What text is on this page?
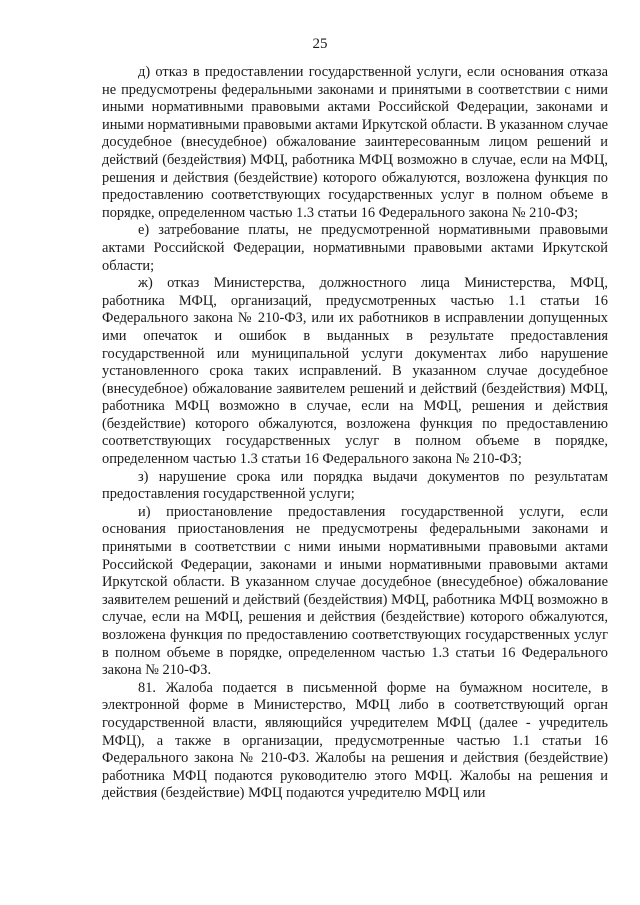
25

д) отказ в предоставлении государственной услуги, если основания отказа не предусмотрены федеральными законами и принятыми в соответствии с ними иными нормативными правовыми актами Российской Федерации, законами и иными нормативными правовыми актами Иркутской области. В указанном случае досудебное (внесудебное) обжалование заинтересованным лицом решений и действий (бездействия) МФЦ, работника МФЦ возможно в случае, если на МФЦ, решения и действия (бездействие) которого обжалуются, возложена функция по предоставлению соответствующих государственных услуг в полном объеме в порядке, определенном частью 1.3 статьи 16 Федерального закона № 210-ФЗ;

е) затребование платы, не предусмотренной нормативными правовыми актами Российской Федерации, нормативными правовыми актами Иркутской области;

ж) отказ Министерства, должностного лица Министерства, МФЦ, работника МФЦ, организаций, предусмотренных частью 1.1 статьи 16 Федерального закона № 210-ФЗ, или их работников в исправлении допущенных ими опечаток и ошибок в выданных в результате предоставления государственной или муниципальной услуги документах либо нарушение установленного срока таких исправлений. В указанном случае досудебное (внесудебное) обжалование заявителем решений и действий (бездействия) МФЦ, работника МФЦ возможно в случае, если на МФЦ, решения и действия (бездействие) которого обжалуются, возложена функция по предоставлению соответствующих государственных услуг в полном объеме в порядке, определенном частью 1.3 статьи 16 Федерального закона № 210-ФЗ;

з) нарушение срока или порядка выдачи документов по результатам предоставления государственной услуги;

и) приостановление предоставления государственной услуги, если основания приостановления не предусмотрены федеральными законами и принятыми в соответствии с ними иными нормативными правовыми актами Российской Федерации, законами и иными нормативными правовыми актами Иркутской области. В указанном случае досудебное (внесудебное) обжалование заявителем решений и действий (бездействия) МФЦ, работника МФЦ возможно в случае, если на МФЦ, решения и действия (бездействие) которого обжалуются, возложена функция по предоставлению соответствующих государственных услуг в полном объеме в порядке, определенном частью 1.3 статьи 16 Федерального закона № 210-ФЗ.

81. Жалоба подается в письменной форме на бумажном носителе, в электронной форме в Министерство, МФЦ либо в соответствующий орган государственной власти, являющийся учредителем МФЦ (далее - учредитель МФЦ), а также в организации, предусмотренные частью 1.1 статьи 16 Федерального закона № 210-ФЗ. Жалобы на решения и действия (бездействие) работника МФЦ подаются руководителю этого МФЦ. Жалобы на решения и действия (бездействие) МФЦ подаются учредителю МФЦ или
